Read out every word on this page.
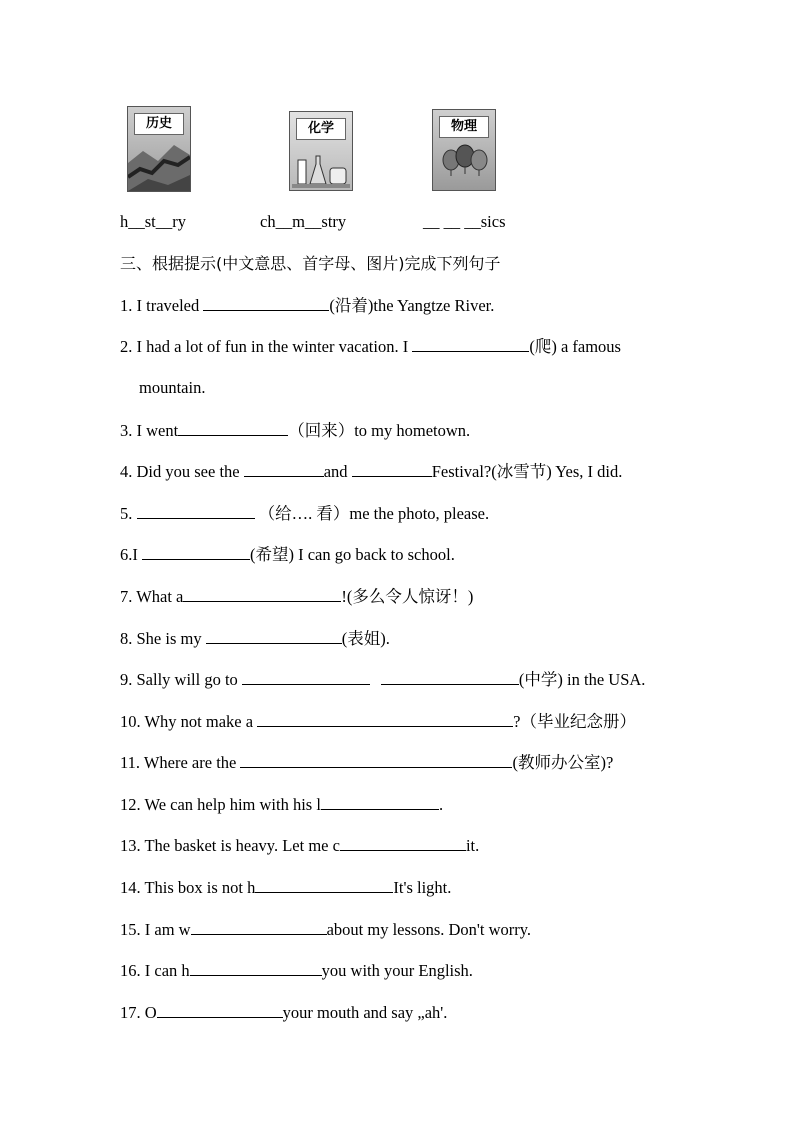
历史	化学	物理
h__st__ry	ch__m__stry	__ __ __sics
三、根据提示(中文意思、首字母、图片)完成下列句子
1. I traveled	(沿着)the Yangtze River.
2. I had a lot of fun in the winter vacation. I	(爬) a famous
mountain.
3. I went	（回来）to my hometown.
4. Did you see the	and	Festival?(冰雪节) Yes, I did.
5.	（给…. 看）me the photo, please.
6.I	(希望) I can go back to school.
7. What a	!(多么令人惊讶！)
8. She is my	(表姐).
9. Sally will go to	(中学) in the USA.
10. Why not make a	?（毕业纪念册）
11. Where are the	(教师办公室)?
12. We can help him with his l	.
13. The basket is heavy. Let me c	it.
14. This box is not h	It's light.
15. I am w	about my lessons. Don't worry.
16. I can h	you with your English.
17. O	your mouth and say „ah'.
